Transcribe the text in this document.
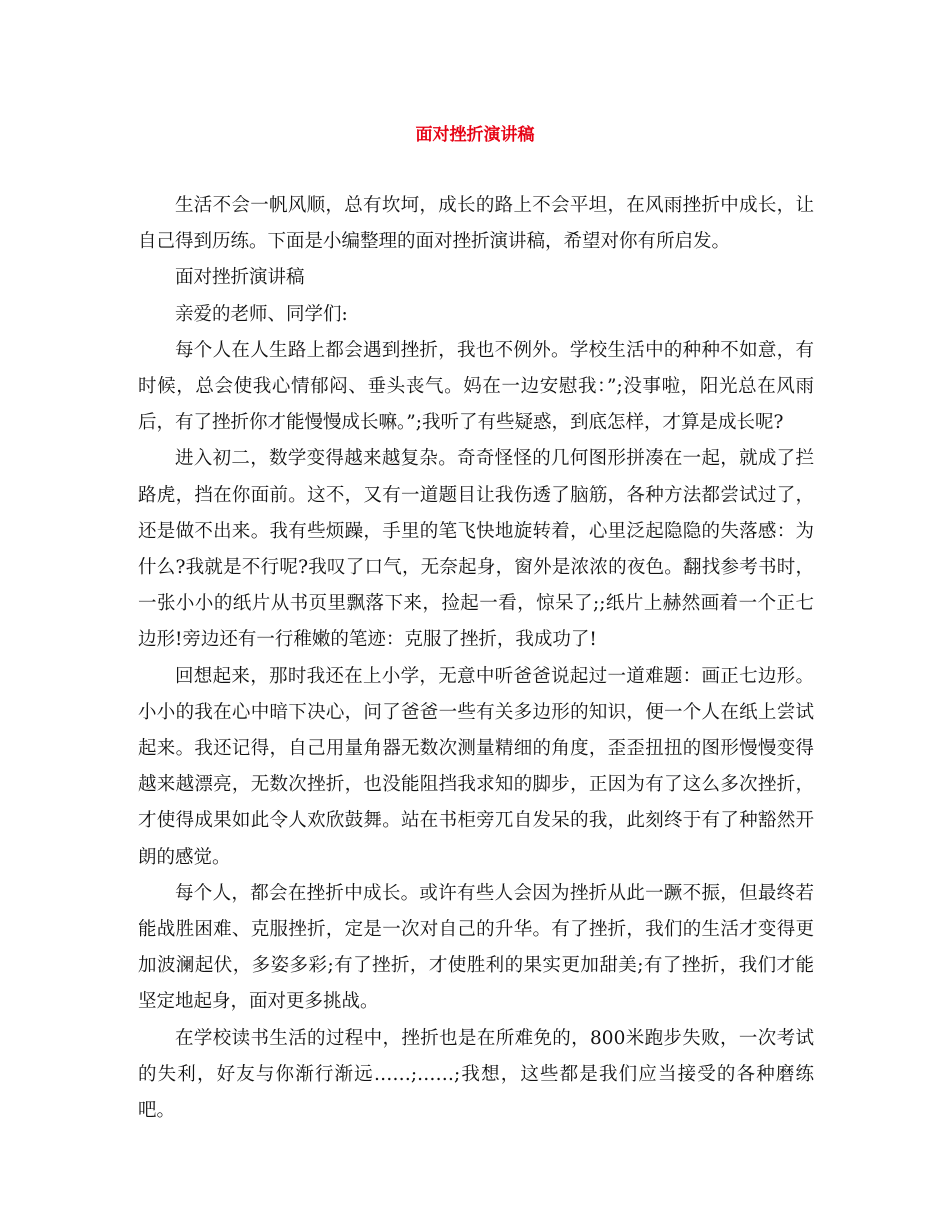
面对挫折演讲稿

生活不会一帆风顺，总有坎坷，成长的路上不会平坦，在风雨挫折中成长，让自己得到历练。下面是小编整理的面对挫折演讲稿，希望对你有所启发。

面对挫折演讲稿

亲爱的老师、同学们:

每个人在人生路上都会遇到挫折，我也不例外。学校生活中的种种不如意，有时候，总会使我心情郁闷、垂头丧气。妈在一边安慰我：”;没事啦，阳光总在风雨后，有了挫折你才能慢慢成长嘛。”;我听了有些疑惑，到底怎样，才算是成长呢?

进入初二，数学变得越来越复杂。奇奇怪怪的几何图形拼凑在一起，就成了拦路虎，挡在你面前。这不，又有一道题目让我伤透了脑筋，各种方法都尝试过了，还是做不出来。我有些烦躁，手里的笔飞快地旋转着，心里泛起隐隐的失落感：为什么?我就是不行呢?我叹了口气，无奈起身，窗外是浓浓的夜色。翻找参考书时，一张小小的纸片从书页里飘落下来，捡起一看，惊呆了;;纸片上赫然画着一个正七边形!旁边还有一行稚嫩的笔迹：克服了挫折，我成功了!

回想起来，那时我还在上小学，无意中听爸爸说起过一道难题：画正七边形。小小的我在心中暗下决心，问了爸爸一些有关多边形的知识，便一个人在纸上尝试起来。我还记得，自己用量角器无数次测量精细的角度，歪歪扭扭的图形慢慢变得越来越漂亮，无数次挫折，也没能阻挡我求知的脚步，正因为有了这么多次挫折，才使得成果如此令人欢欣鼓舞。站在书柜旁兀自发呆的我，此刻终于有了种豁然开朗的感觉。

每个人，都会在挫折中成长。或许有些人会因为挫折从此一蹶不振，但最终若能战胜困难、克服挫折，定是一次对自己的升华。有了挫折，我们的生活才变得更加波澜起伏，多姿多彩;有了挫折，才使胜利的果实更加甜美;有了挫折，我们才能坚定地起身，面对更多挑战。

在学校读书生活的过程中，挫折也是在所难免的，800米跑步失败，一次考试的失利，好友与你渐行渐远……;……;我想，这些都是我们应当接受的各种磨练吧。
